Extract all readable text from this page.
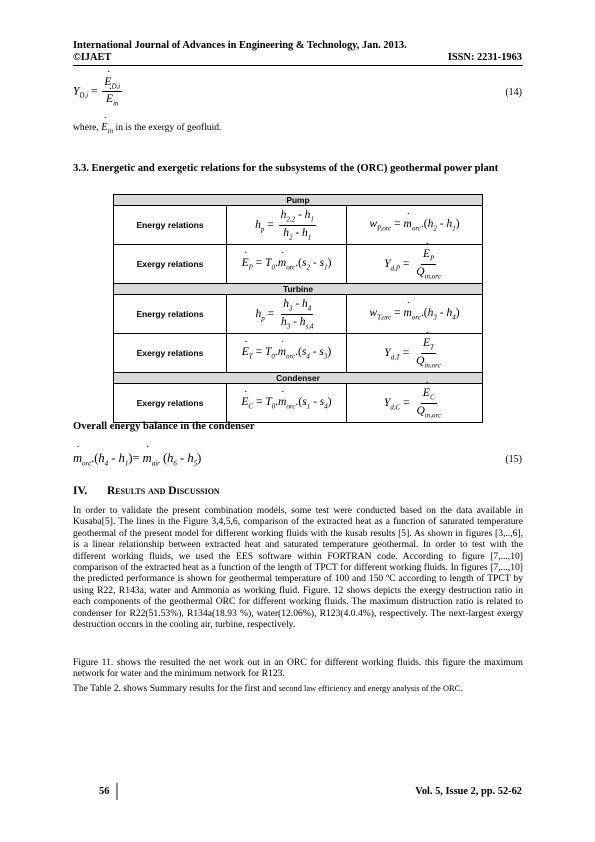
International Journal of Advances in Engineering & Technology, Jan. 2013.
©IJAET	ISSN: 2231-1963
$Y_{D,i}$ = · $E_{D,i}$
· $E_{in}$	(14)
where, · $E_{in}$ in is the exergy of geofluid.
3.3. Energetic and exergetic relations for the subsystems of the (ORC) geothermal power plant
Pump		
Energy relations	$h_p = \frac{h_{2,2} - h_1}{h_2 - h_1}$	$w_{P,orc}$ = · $m_{orc}.(h_2 - h_1)$
Exergy relations	· $E_P = T_0.\cdot m_{orc}.(s_2 - s_1)$	$Y_{d,P}$ = · $\frac{E_P}{Q_{in,orc}}$

Turbine		
Energy relations	$h_p = \frac{h_3 - h_4}{h_3 - h_{s,4}}$	$w_{T,orc}$ = · $m_{orc}.(h_3 - h_4)$
Exergy relations	· $E_T = T_0.\cdot m_{orc}.(s_4 - s_3)$	$Y_{d,T}$ = · $\frac{E_T}{Q_{in,orc}}$

Condenser		
Exergy relations	· $E_C = T_0.\cdot m_{orc}.(s_1 - s_4)$	$Y_{d,C}$ = · $\frac{E_C}{Q_{in,orc}}$
Overall energy balance in the condenser
· $m_{orc}.(h_4 - h_1)= \cdot m_{air}$ $(h_6 - h_5)$	(15)
IV. Results and Discussion
In order to validate the present combination models, some test were conducted based on the data available in Kusaba[5]. The lines in the Figure 3,4,5,6, comparison of the extracted heat as a function of saturated temperature geothermal of the present model for different working fluids with the kusab results [5]. As shown in figures [3,..,6], is a linear relationship between extracted heat and saturated temperature geothermal. In order to test with the different working fluids, we used the EES software within FORTRAN code. According to figure [7,...,10] comparison of the extracted heat as a function of the length of TPCT for different working fluids. In figures [7,...,10] the predicted performance is shown for geothermal temperature of 100 and 150 ºC according to length of TPCT by using R22, R143a, water and Ammonia as working fluid. Figure. 12 shows depicts the exergy destruction ratio in each components of the geothermal ORC for different working fluids. The maximum distruction ratio is related to condenser for R22(51.53%), R134a(18.93 %), water(12.06%), R123(4.0.4%), respectively. The next-largest exergy destruction occurs in the cooling air, turbine, respectively.
Figure 11. shows the resulted the net work out in an ORC for different working fluids. this figure the maximum network for water and the minimum network for R123.
The Table 2. shows Summary results for the first and second law efficiency and energy analysis of the ORC.
56	Vol. 5, Issue 2, pp. 52-62
